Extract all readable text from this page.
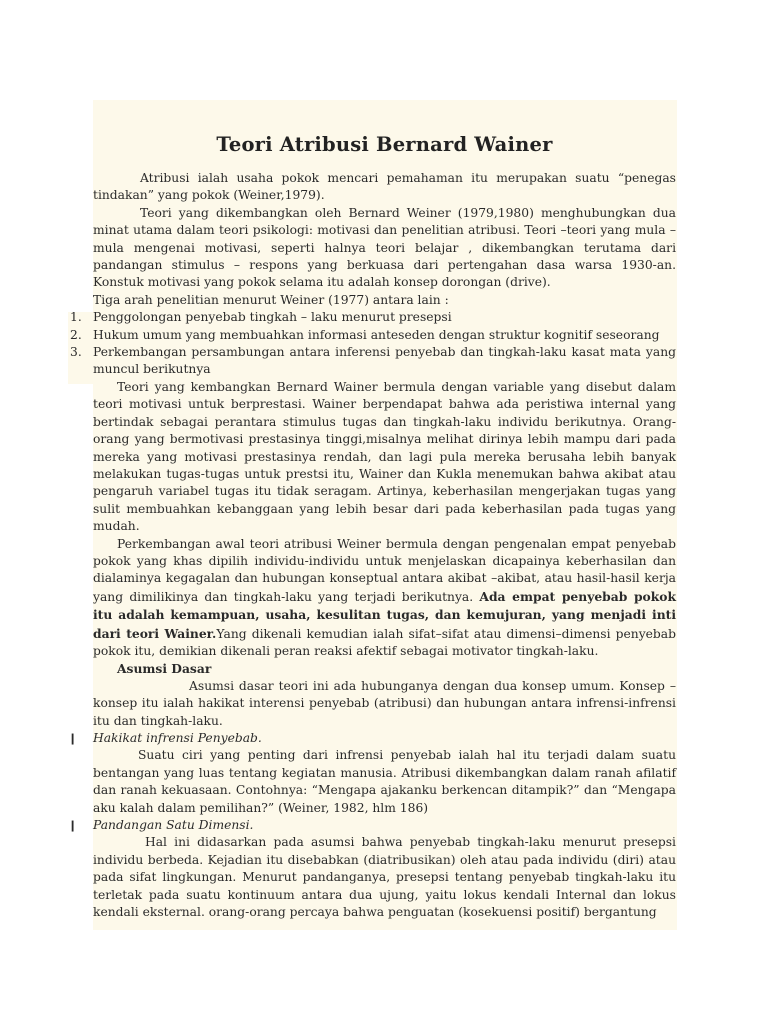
Teori Atribusi Bernard Wainer

Atribusi ialah usaha pokok mencari pemahaman itu merupakan suatu “penegas tindakan” yang pokok (Weiner,1979).

Teori yang dikembangkan oleh Bernard Weiner (1979,1980) menghubungkan dua minat utama dalam teori psikologi: motivasi dan penelitian atribusi. Teori –teori yang mula – mula mengenai motivasi, seperti halnya teori belajar , dikembangkan terutama dari pandangan stimulus – respons yang berkuasa dari pertengahan dasa warsa 1930-an. Konstuk motivasi yang pokok selama itu adalah konsep dorongan (drive).

Tiga arah penelitian menurut Weiner (1977) antara lain :

1. Penggolongan penyebab tingkah – laku menurut presepsi
2. Hukum umum yang membuahkan informasi anteseden dengan struktur kognitif seseorang
3. Perkembangan persambungan antara inferensi penyebab dan tingkah-laku kasat mata yang muncul berikutnya

Teori yang kembangkan Bernard Wainer bermula dengan variable yang disebut dalam teori motivasi untuk berprestasi. Wainer berpendapat bahwa ada peristiwa internal yang bertindak sebagai perantara stimulus tugas dan tingkah-laku individu berikutnya. Orang-orang yang bermotivasi prestasinya tinggi,misalnya melihat dirinya lebih mampu dari pada mereka yang motivasi prestasinya rendah, dan lagi pula mereka berusaha lebih banyak melakukan tugas-tugas untuk prestsi itu, Wainer dan Kukla menemukan bahwa akibat atau pengaruh variabel tugas itu tidak seragam. Artinya, keberhasilan mengerjakan tugas yang sulit membuahkan kebanggaan yang lebih besar dari pada keberhasilan pada tugas yang mudah.

Perkembangan awal teori atribusi Weiner bermula dengan pengenalan empat penyebab pokok yang khas dipilih individu-individu untuk menjelaskan dicapainya keberhasilan dan dialaminya kegagalan dan hubungan konseptual antara akibat –akibat, atau hasil-hasil kerja yang dimilikinya dan tingkah-laku yang terjadi berikutnya. Ada empat penyebab pokok itu adalah kemampuan, usaha, kesulitan tugas, dan kemujuran, yang menjadi inti dari teori Wainer.Yang dikenali kemudian ialah sifat–sifat atau dimensi–dimensi penyebab pokok itu, demikian dikenali peran reaksi afektif sebagai motivator tingkah-laku.

Asumsi Dasar

Asumsi dasar teori ini ada hubunganya dengan dua konsep umum. Konsep – konsep itu ialah hakikat interensi penyebab (atribusi) dan hubungan antara infrensi-infrensi itu dan tingkah-laku.

❙ Hakikat infrensi Penyebab.

Suatu ciri yang penting dari infrensi penyebab ialah hal itu terjadi dalam suatu bentangan yang luas tentang kegiatan manusia. Atribusi dikembangkan dalam ranah afilatif dan ranah kekuasaan. Contohnya: “Mengapa ajakanku berkencan ditampik?” dan “Mengapa aku kalah dalam pemilihan?” (Weiner, 1982, hlm 186)

❙ Pandangan Satu Dimensi.

Hal ini didasarkan pada asumsi bahwa penyebab tingkah-laku menurut presepsi individu berbeda. Kejadian itu disebabkan (diatribusikan) oleh atau pada individu (diri) atau pada sifat lingkungan. Menurut pandanganya, presepsi tentang penyebab tingkah-laku itu terletak pada suatu kontinuum antara dua ujung, yaitu lokus kendali Internal dan lokus kendali eksternal. orang-orang percaya bahwa penguatan (kosekuensi positif) bergantung
